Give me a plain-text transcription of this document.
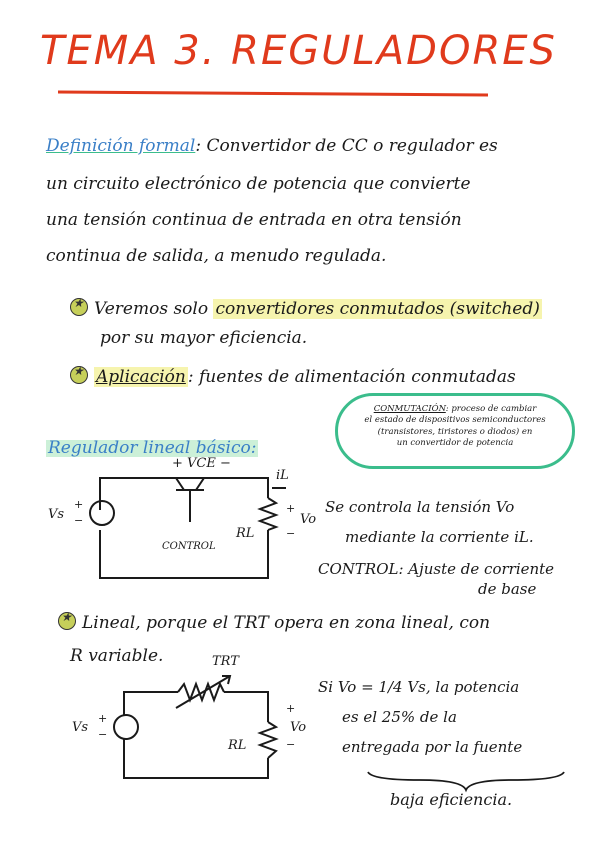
TEMA 3. REGULADORES
Definición formal: Convertidor de CC o regulador es
un circuito electrónico de potencia que convierte
una tensión continua de entrada en otra tensión
continua de salida, a menudo regulada.
★Veremos solo convertidores conmutados (switched)
por su mayor eficiencia.
★Aplicación : fuentes de alimentación conmutadas
CONMUTACIÓN: proceso de cambiar
el estado de dispositivos semiconductores
(transistores, tiristores o diodos) en
un convertidor de potencia
Regulador lineal básico:
Vs
+
−
+ VCE −
iL
RL
+
Vo
−
CONTROL
Se controla la tensión Vo
mediante la corriente iL.
CONTROL: Ajuste de corriente
de base
★Lineal, porque el TRT opera en zona lineal, con
R variable.	TRT
Vs
+
−
RL
+
Vo
−
Si Vo = 1/4 Vs, la potencia
es el 25% de la
entregada por la fuente
baja eficiencia.
